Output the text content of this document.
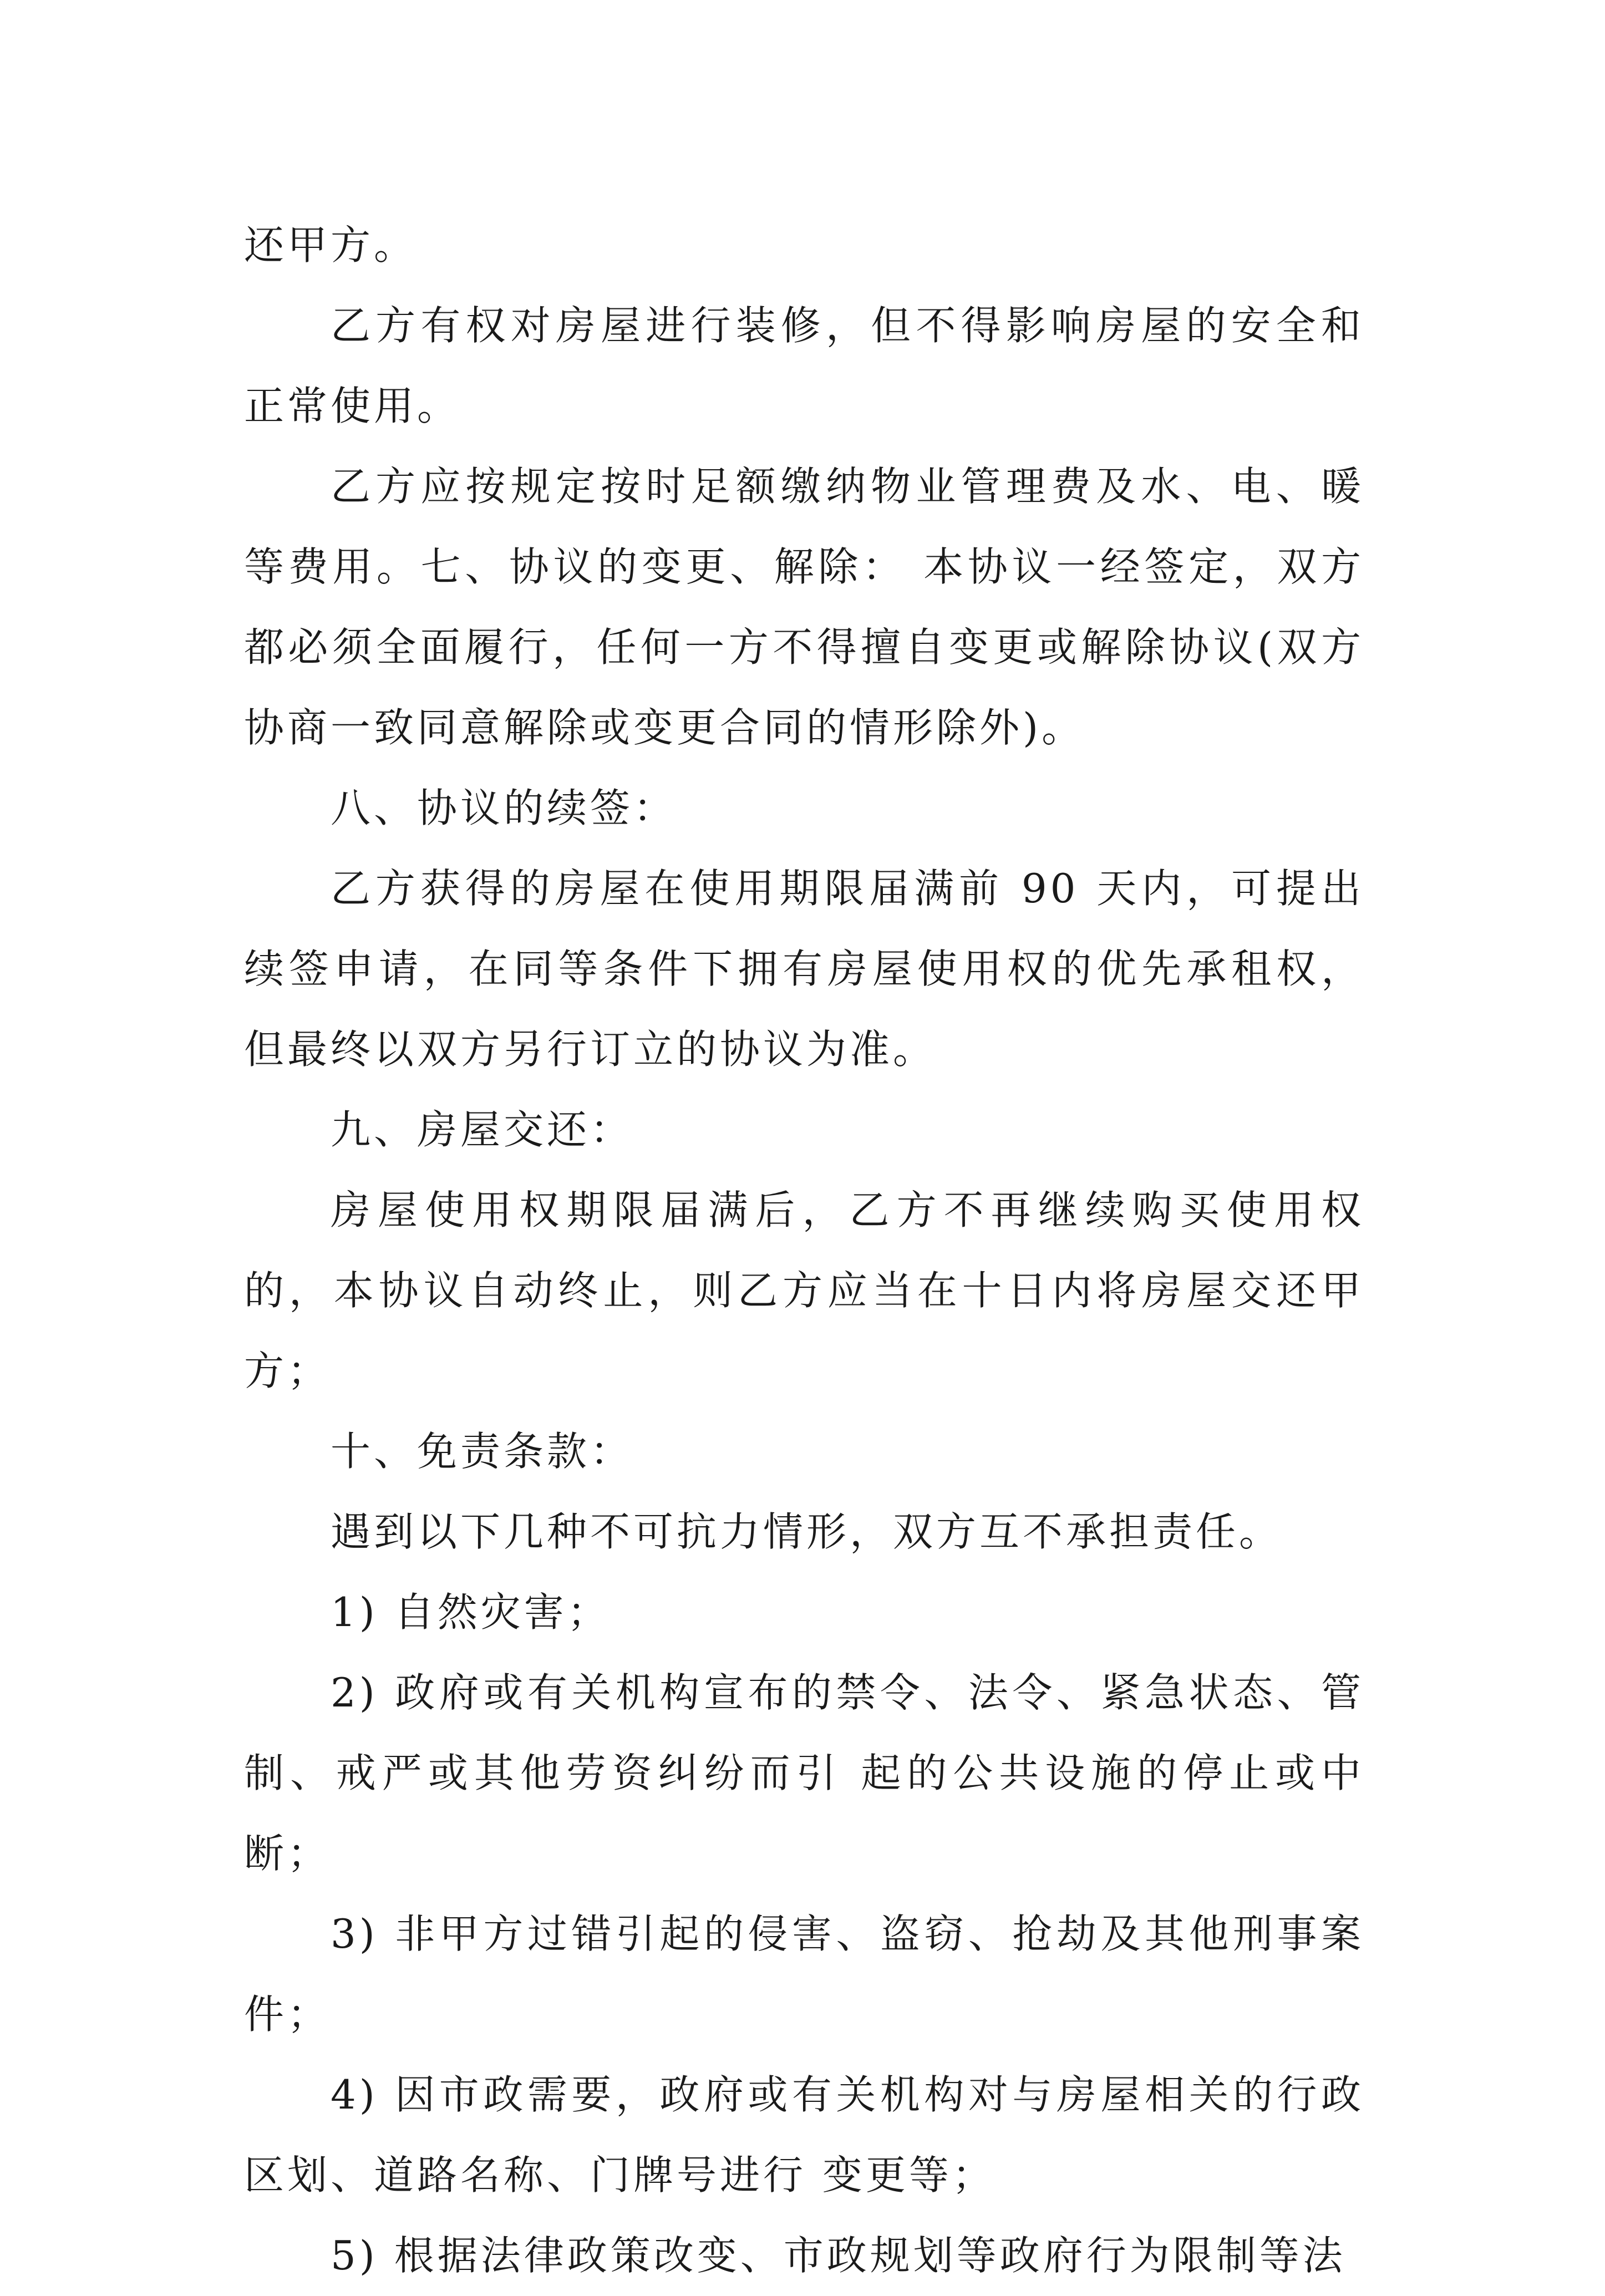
还甲方。

乙方有权对房屋进行装修，但不得影响房屋的安全和正常使用。

乙方应按规定按时足额缴纳物业管理费及水、电、暖等费用。七、协议的变更、解除： 本协议一经签定，双方都必须全面履行，任何一方不得擅自变更或解除协议(双方协商一致同意解除或变更合同的情形除外)。

八、协议的续签：

乙方获得的房屋在使用期限届满前 90 天内，可提出续签申请，在同等条件下拥有房屋使用权的优先承租权，但最终以双方另行订立的协议为准。

九、房屋交还：

房屋使用权期限届满后，乙方不再继续购买使用权的，本协议自动终止，则乙方应当在十日内将房屋交还甲方；

十、免责条款：

遇到以下几种不可抗力情形，双方互不承担责任。

1) 自然灾害；

2) 政府或有关机构宣布的禁令、法令、紧急状态、管制、戒严或其他劳资纠纷而引 起的公共设施的停止或中断；

3) 非甲方过错引起的侵害、盗窃、抢劫及其他刑事案件；

4) 因市政需要，政府或有关机构对与房屋相关的行政区划、道路名称、门牌号进行 变更等；

5) 根据法律政策改变、市政规划等政府行为限制等法
